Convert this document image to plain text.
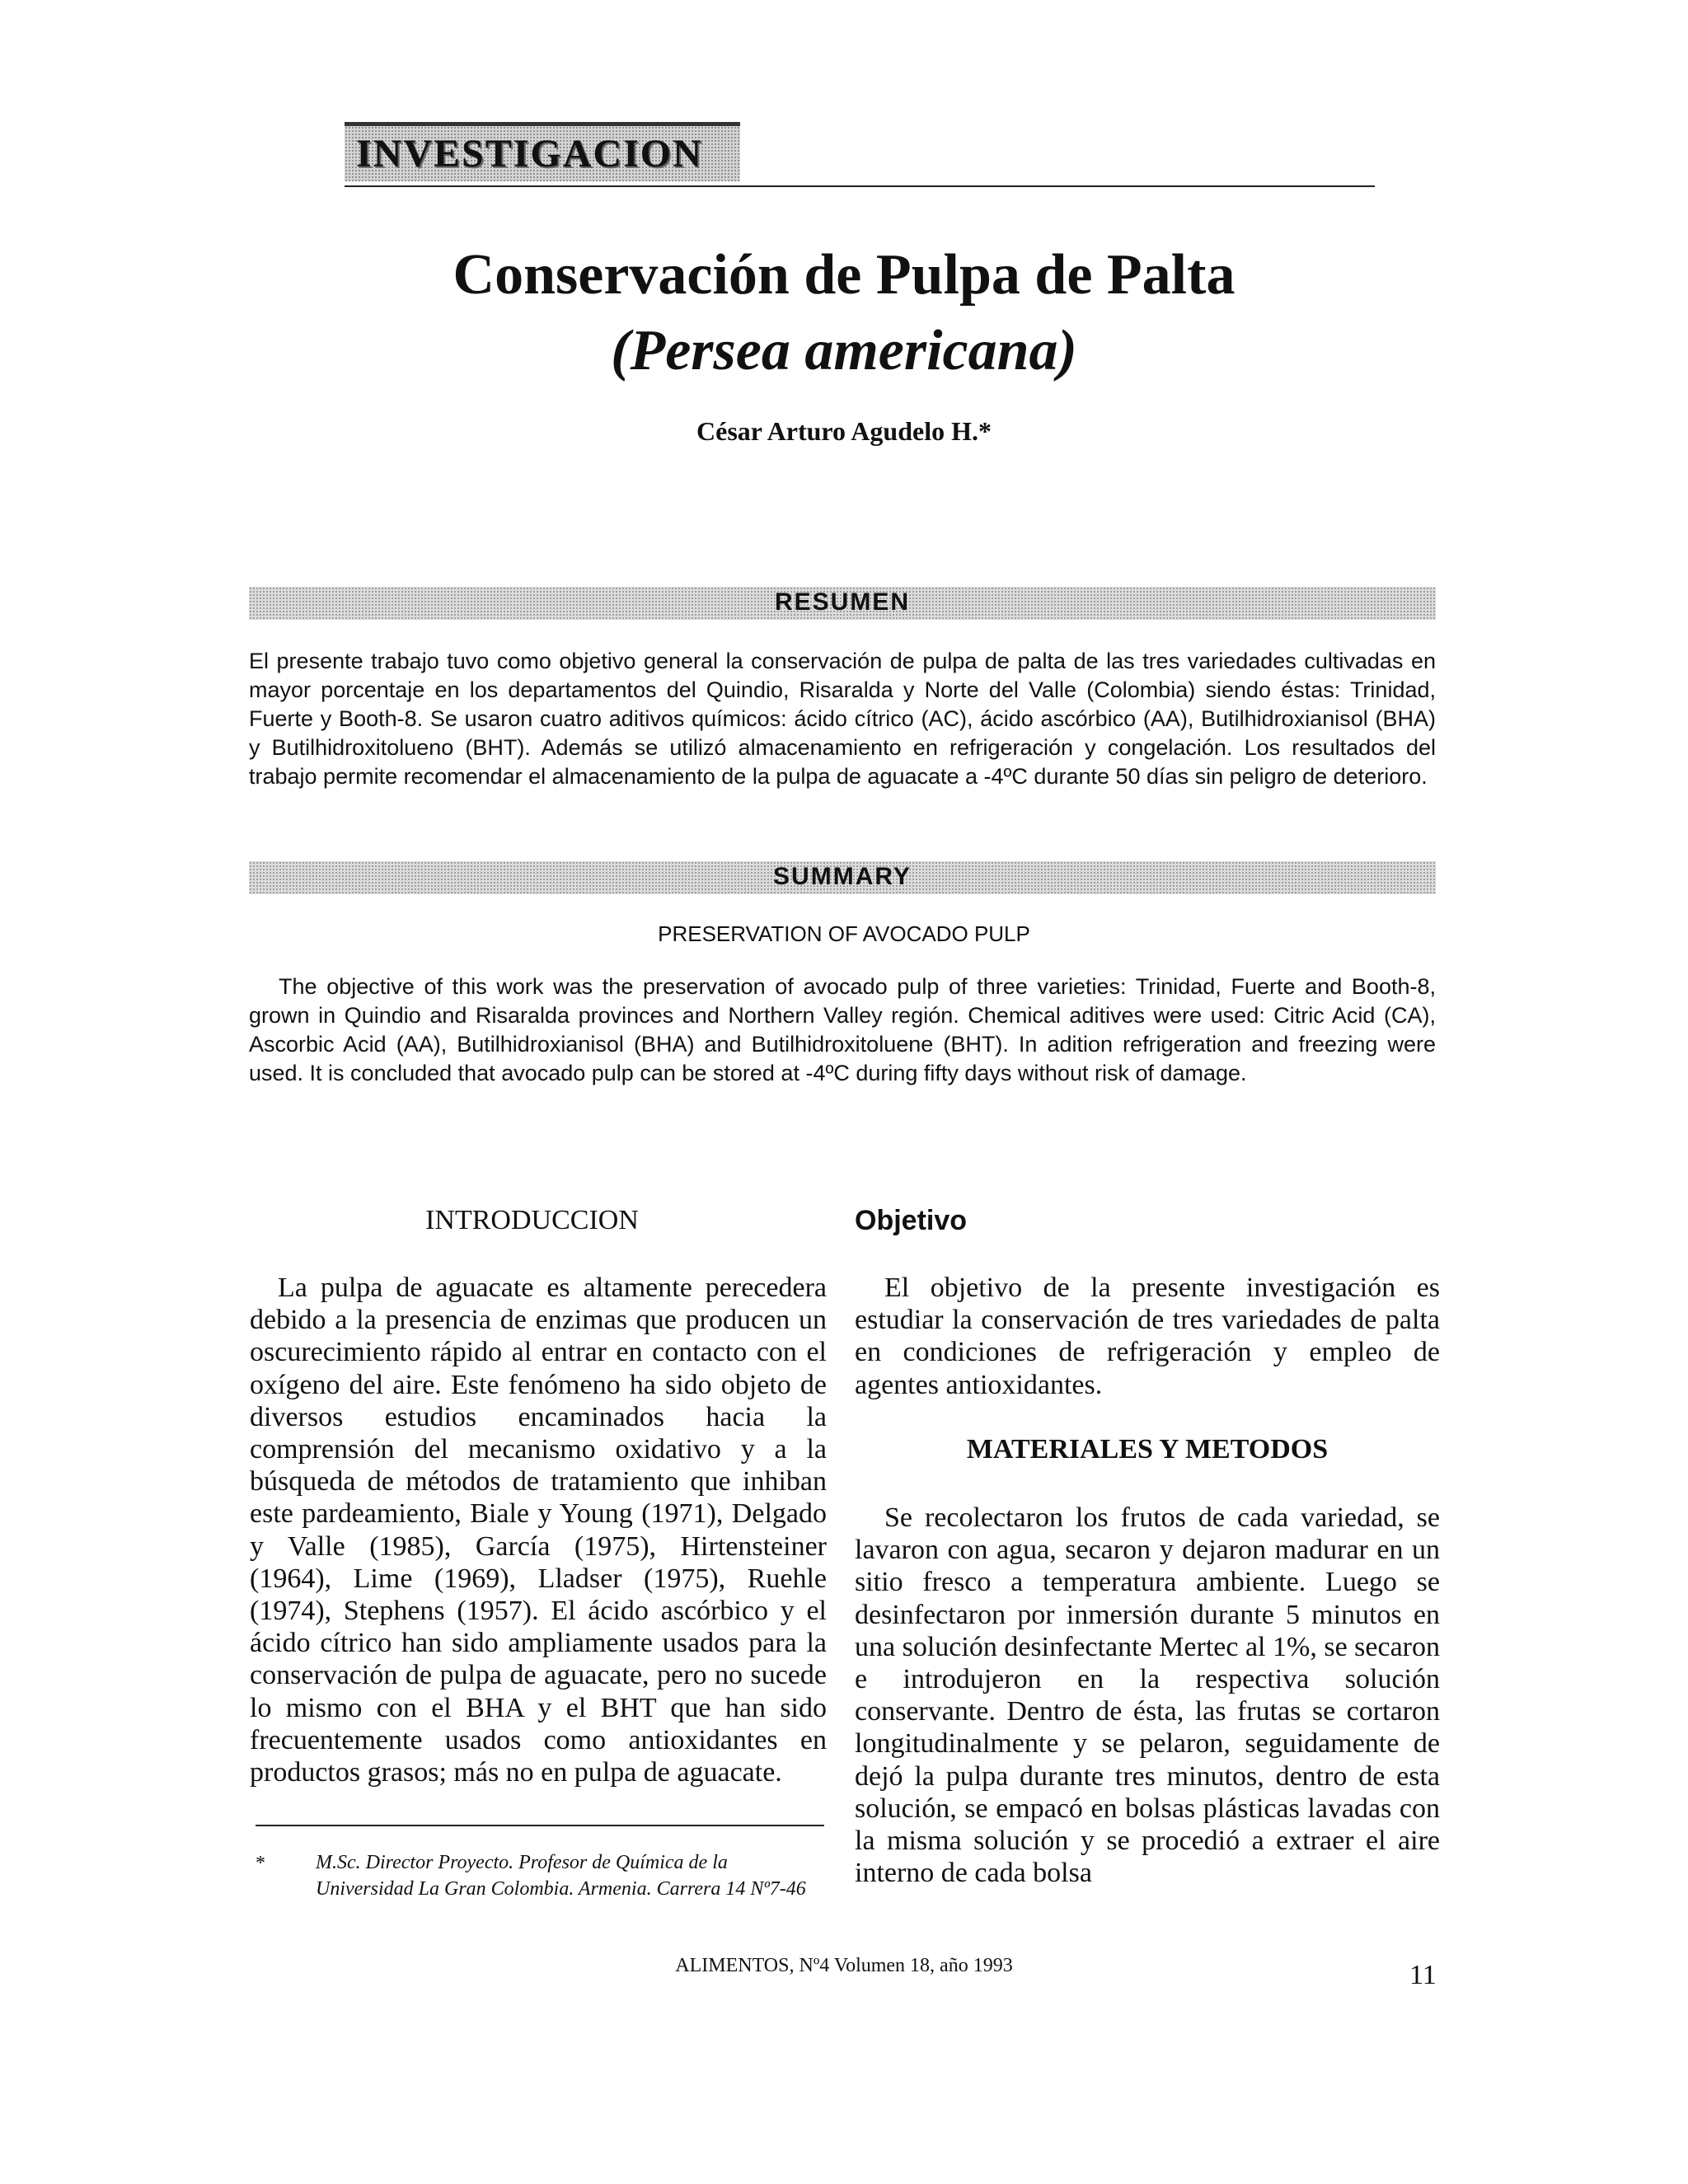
INVESTIGACION
Conservación de Pulpa de Palta
(Persea americana)
César Arturo Agudelo H.*
RESUMEN
El presente trabajo tuvo como objetivo general la conservación de pulpa de palta de las tres variedades cultivadas en mayor porcentaje en los departamentos del Quindio, Risaralda y Norte del Valle (Colombia) siendo éstas: Trinidad, Fuerte y Booth-8. Se usaron cuatro aditivos químicos: ácido cítrico (AC), ácido ascórbico (AA), Butilhidroxianisol (BHA) y Butilhidroxitolueno (BHT). Además se utilizó almacenamiento en refrigeración y congelación. Los resultados del trabajo permite recomendar el almacenamiento de la pulpa de aguacate a -4ºC durante 50 días sin peligro de deterioro.
SUMMARY
PRESERVATION OF AVOCADO PULP
The objective of this work was the preservation of avocado pulp of three varieties: Trinidad, Fuerte and Booth-8, grown in Quindio and Risaralda provinces and Northern Valley región. Chemical aditives were used: Citric Acid (CA), Ascorbic Acid (AA), Butilhidroxianisol (BHA) and Butilhidroxitoluene (BHT). In adition refrigeration and freezing were used. It is concluded that avocado pulp can be stored at -4ºC during fifty days without risk of damage.
INTRODUCCION
La pulpa de aguacate es altamente perecedera debido a la presencia de enzimas que producen un oscurecimiento rápido al entrar en contacto con el oxígeno del aire. Este fenómeno ha sido objeto de diversos estudios encaminados hacia la comprensión del mecanismo oxidativo y a la búsqueda de métodos de tratamiento que inhiban este pardeamiento, Biale y Young (1971), Delgado y Valle (1985), García (1975), Hirtensteiner (1964), Lime (1969), Lladser (1975), Ruehle (1974), Stephens (1957). El ácido ascórbico y el ácido cítrico han sido ampliamente usados para la conservación de pulpa de aguacate, pero no sucede lo mismo con el BHA y el BHT que han sido frecuentemente usados como antioxidantes en productos grasos; más no en pulpa de aguacate.
Objetivo
El objetivo de la presente investigación es estudiar la conservación de tres variedades de palta en condiciones de refrigeración y empleo de agentes antioxidantes.
MATERIALES Y METODOS
Se recolectaron los frutos de cada variedad, se lavaron con agua, secaron y dejaron madurar en un sitio fresco a temperatura ambiente. Luego se desinfectaron por inmersión durante 5 minutos en una solución desinfectante Mertec al 1%, se secaron e introdujeron en la respectiva solución conservante. Dentro de ésta, las frutas se cortaron longitudinalmente y se pelaron, seguidamente de dejó la pulpa durante tres minutos, dentro de esta solución, se empacó en bolsas plásticas lavadas con la misma solución y se procedió a extraer el aire interno de cada bolsa
*	M.Sc. Director Proyecto. Profesor de Química de la Universidad La Gran Colombia. Armenia. Carrera 14 Nº7-46
ALIMENTOS, Nº4 Volumen 18, año 1993	11
